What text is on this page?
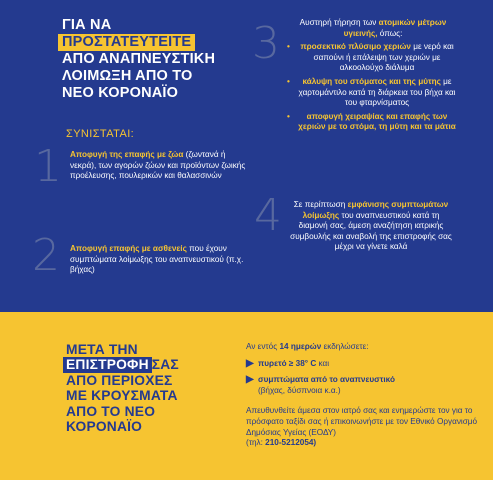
ΓΙΑ ΝΑ
ΠΡΟΣΤΑΤΕΥΤΕΙΤΕ
ΑΠΟ ΑΝΑΠΝΕΥΣΤΙΚΗ
ΛΟΙΜΩΞΗ ΑΠΟ ΤΟ
ΝΕΟ ΚΟΡΟΝΑΪΟ
ΣΥΝΙΣΤΑΤΑΙ:
1 Αποφυγή της επαφής με ζώα (ζωντανά ή νεκρά), των αγορών ζώων και προϊόντων ζωικής προέλευσης, πουλερικών και θαλασσινών
2 Αποφυγή επαφής με ασθενείς που έχουν συμπτώματα λοίμωξης του αναπνευστικού (π.χ. βήχας)
3	Αυστηρή τήρηση των ατομικών μέτρων υγιεινής, όπως:
•	προσεκτικό πλύσιμο χεριών με νερό και σαπούνι ή επάλειψη των χεριών με αλκοολούχο διάλυμα
•	κάλυψη του στόματος και της μύτης με χαρτομάντιλο κατά τη διάρκεια του βήχα και του φταρνίσματος
•	αποφυγή χειραψίας και επαφής των χεριών με το στόμα, τη μύτη και τα μάτια
4	Σε περίπτωση εμφάνισης συμπτωμάτων λοίμωξης του αναπνευστικού κατά τη διαμονή σας, άμεση αναζήτηση ιατρικής συμβουλής και αναβολή της επιστροφής σας μέχρι να γίνετε καλά
ΜΕΤΑ ΤΗΝ
ΕΠΙΣΤΡΟΦΗ ΣΑΣ
ΑΠΟ ΠΕΡΙΟΧΕΣ
ΜΕ ΚΡΟΥΣΜΑΤΑ
ΑΠΟ ΤΟ ΝΕΟ
ΚΟΡΟΝΑΪΟ
Αν εντός 14 ημερών εκδηλώσετε:
▶ πυρετό ≥ 38° C και
▶ συμπτώματα από το αναπνευστικό
(βήχας, δύσπνοια κ.α.)
Απευθυνθείτε άμεσα στον ιατρό σας και ενημερώστε τον για το πρόσφατο ταξίδι σας ή επικοινωνήστε με τον Εθνικό Οργανισμό Δημόσιας Υγείας (ΕΟΔΥ)
(τηλ: 210-5212054)
